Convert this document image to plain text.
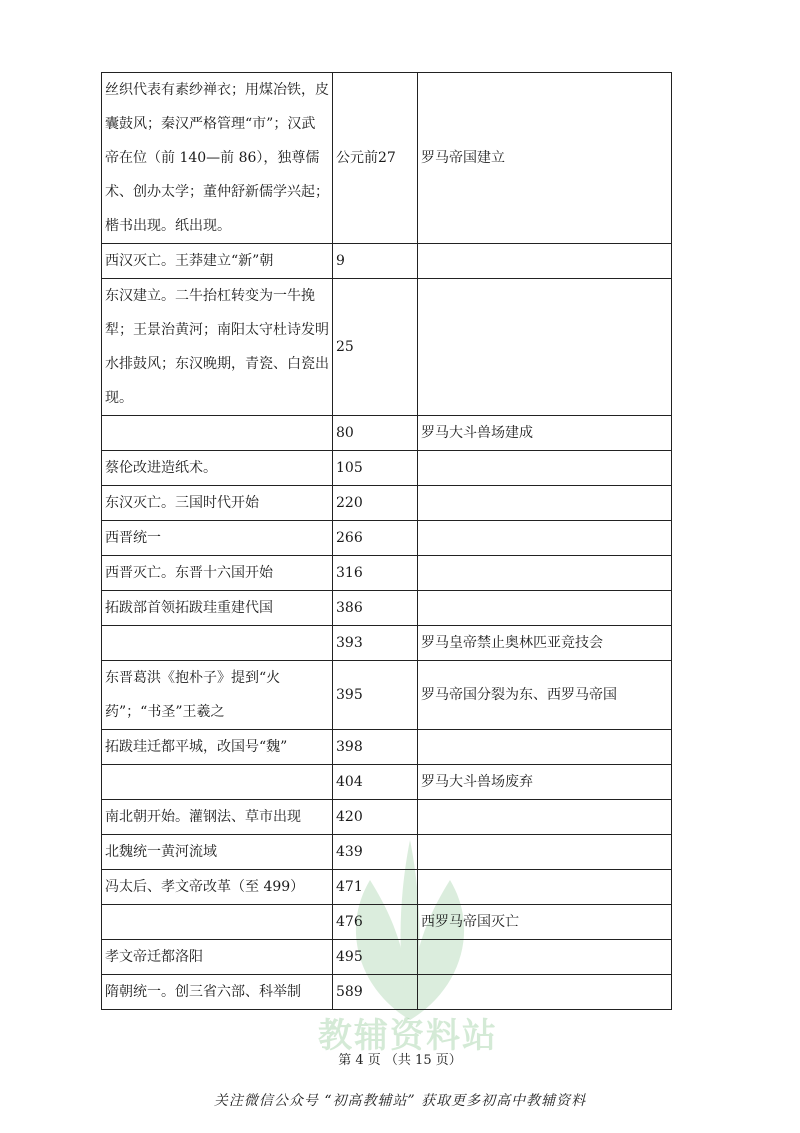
教辅资料站
丝织代表有素纱禅衣；用煤冶铁，皮囊鼓风；秦汉严格管理“市”；汉武帝在位（前 140—前 86），独尊儒术、创办太学；董仲舒新儒学兴起；楷书出现。纸出现。	公元前27	罗马帝国建立
西汉灭亡。王莽建立“新”朝	9	
东汉建立。二牛抬杠转变为一牛挽犁；王景治黄河；南阳太守杜诗发明水排鼓风；东汉晚期，青瓷、白瓷出现。	25	
	80	罗马大斗兽场建成
蔡伦改进造纸术。	105	
东汉灭亡。三国时代开始	220	
西晋统一	266	
西晋灭亡。东晋十六国开始	316	
拓跋部首领拓跋珪重建代国	386	
	393	罗马皇帝禁止奥林匹亚竞技会
东晋葛洪《抱朴子》提到“火药”；“书圣”王羲之	395	罗马帝国分裂为东、西罗马帝国
拓跋珪迁都平城，改国号“魏”	398	
	404	罗马大斗兽场废弃
南北朝开始。灌钢法、草市出现	420	
北魏统一黄河流域	439	
冯太后、孝文帝改革（至 499）	471	
	476	西罗马帝国灭亡
孝文帝迁都洛阳	495	
隋朝统一。创三省六部、科举制	589	
第 4 页 （共 15 页）
关注微信公众号 “初高教辅站” 获取更多初高中教辅资料
